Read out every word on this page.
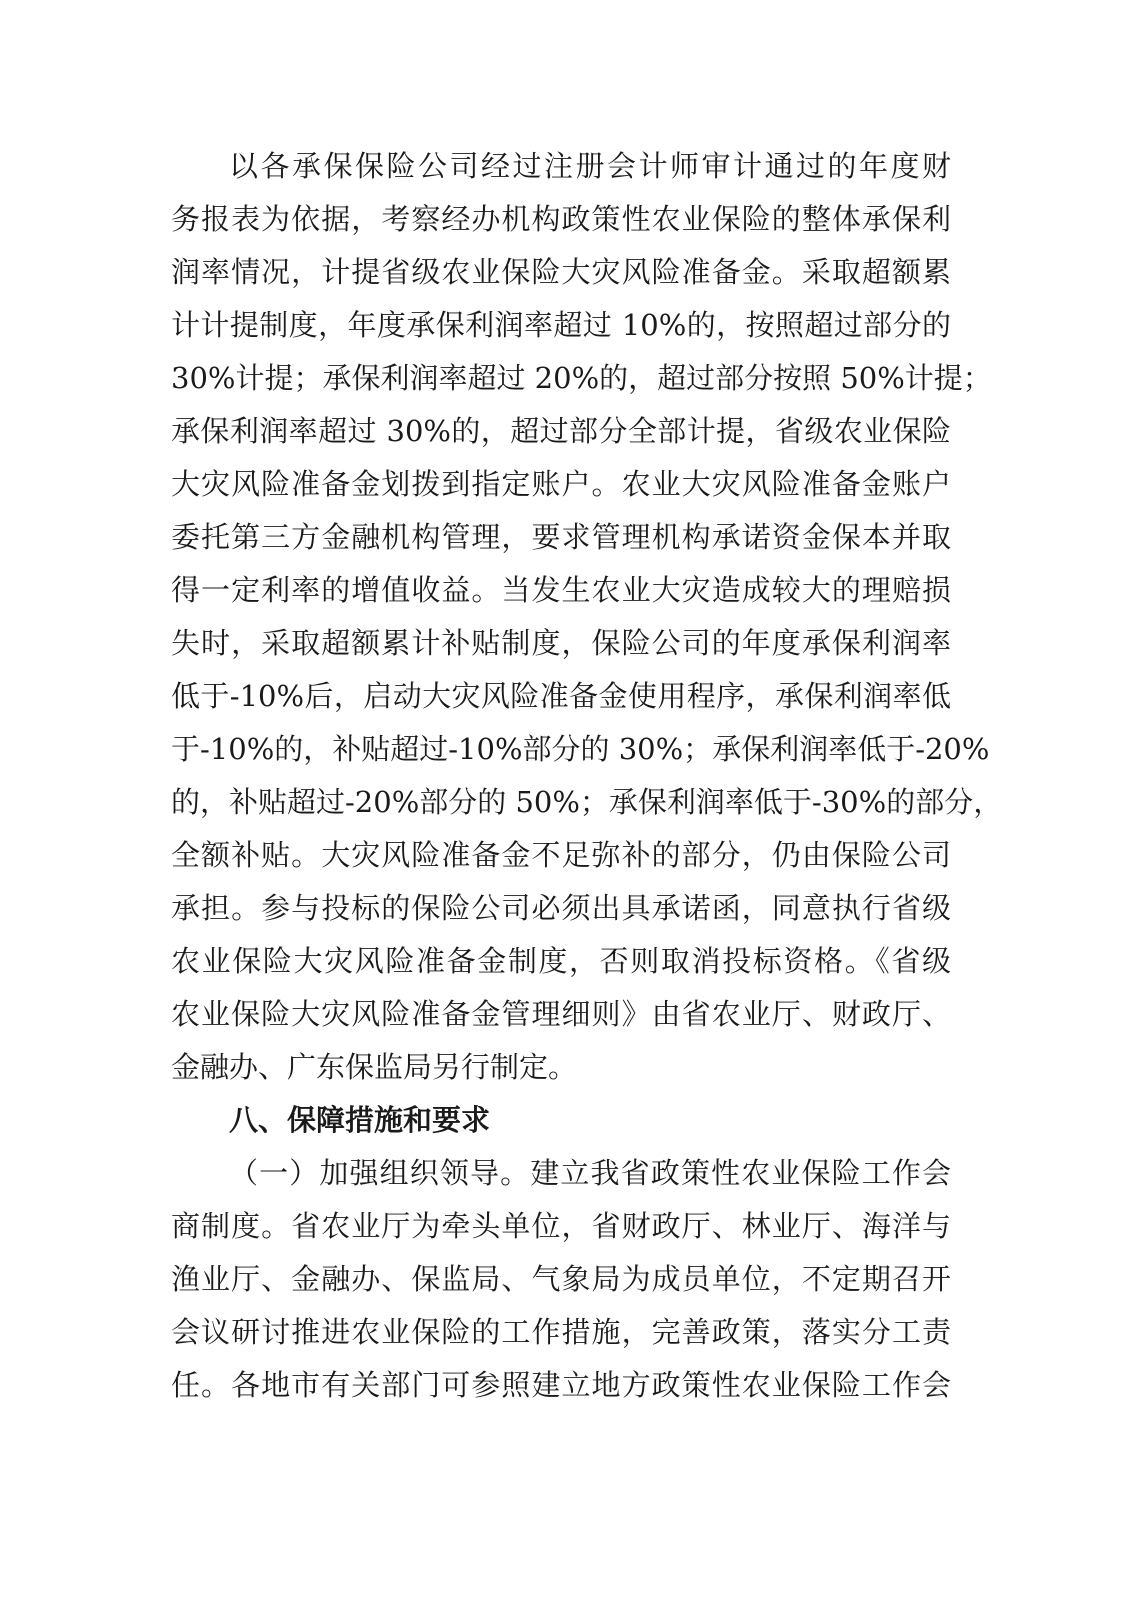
以各承保保险公司经过注册会计师审计通过的年度财
务报表为依据，考察经办机构政策性农业保险的整体承保利
润率情况，计提省级农业保险大灾风险准备金。采取超额累
计计提制度，年度承保利润率超过 10%的，按照超过部分的
30%计提；承保利润率超过 20%的，超过部分按照 50%计提；
承保利润率超过 30%的，超过部分全部计提，省级农业保险
大灾风险准备金划拨到指定账户。农业大灾风险准备金账户
委托第三方金融机构管理，要求管理机构承诺资金保本并取
得一定利率的增值收益。当发生农业大灾造成较大的理赔损
失时，采取超额累计补贴制度，保险公司的年度承保利润率
低于-10%后，启动大灾风险准备金使用程序，承保利润率低
于-10%的，补贴超过-10%部分的 30%；承保利润率低于-20%
的，补贴超过-20%部分的 50%；承保利润率低于-30%的部分，
全额补贴。大灾风险准备金不足弥补的部分，仍由保险公司
承担。参与投标的保险公司必须出具承诺函，同意执行省级
农业保险大灾风险准备金制度，否则取消投标资格。《省级
农业保险大灾风险准备金管理细则》由省农业厅、财政厅、
金融办、广东保监局另行制定。
八、保障措施和要求
（一）加强组织领导。建立我省政策性农业保险工作会
商制度。省农业厅为牵头单位，省财政厅、林业厅、海洋与
渔业厅、金融办、保监局、气象局为成员单位，不定期召开
会议研讨推进农业保险的工作措施，完善政策，落实分工责
任。各地市有关部门可参照建立地方政策性农业保险工作会
